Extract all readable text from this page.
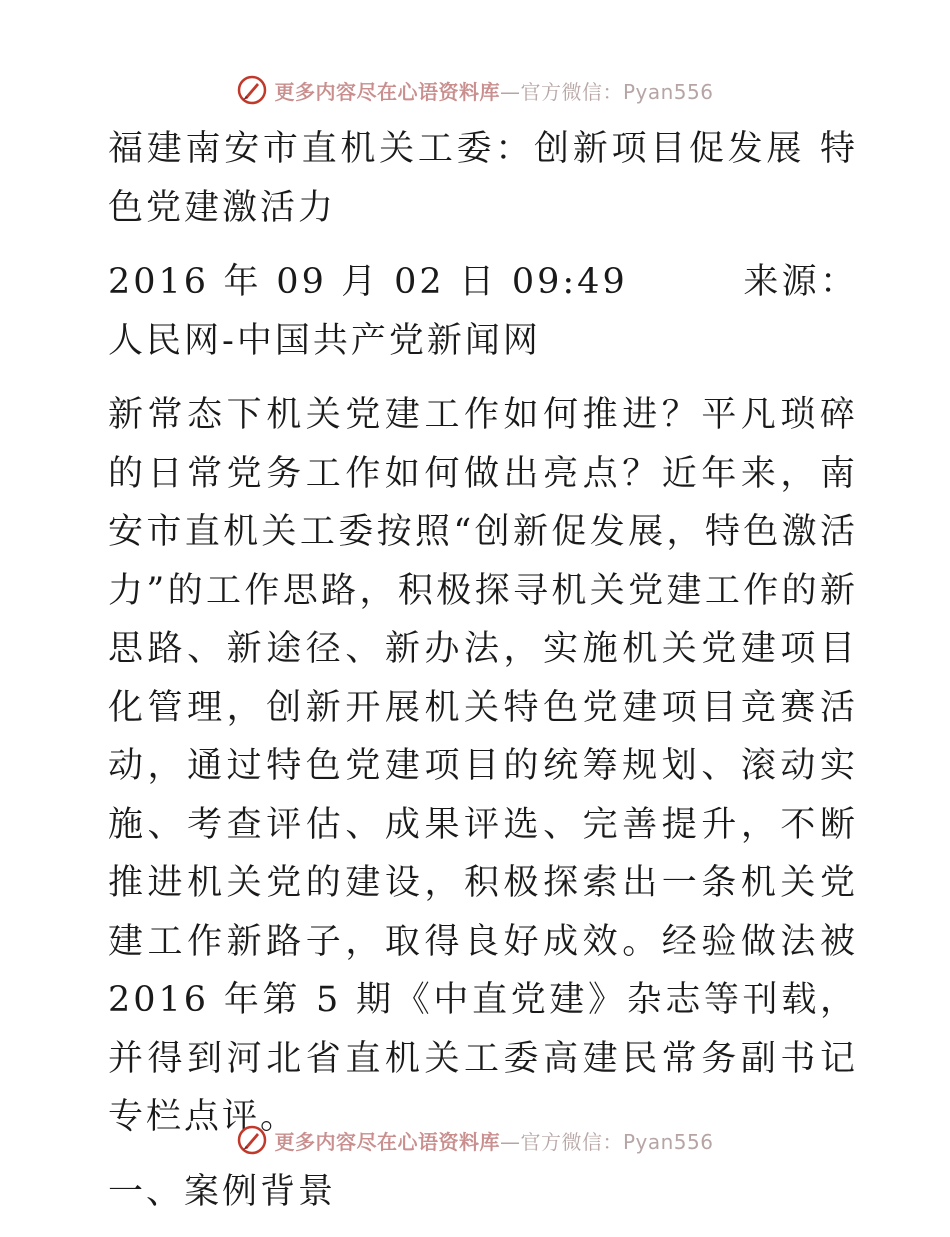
更多内容尽在心语资料库—官方微信：Pyan556

福建南安市直机关工委：创新项目促发展 特色党建激活力

2016 年 09 月 02 日 09:49        来源：人民网-中国共产党新闻网

新常态下机关党建工作如何推进？平凡琐碎的日常党务工作如何做出亮点？近年来，南安市直机关工委按照“创新促发展，特色激活力”的工作思路，积极探寻机关党建工作的新思路、新途径、新办法，实施机关党建项目化管理，创新开展机关特色党建项目竞赛活动，通过特色党建项目的统筹规划、滚动实施、考查评估、成果评选、完善提升，不断推进机关党的建设，积极探索出一条机关党建工作新路子，取得良好成效。经验做法被 2016 年第 5 期《中直党建》杂志等刊载，并得到河北省直机关工委高建民常务副书记专栏点评。

一、案例背景

更多内容尽在心语资料库—官方微信：Pyan556
